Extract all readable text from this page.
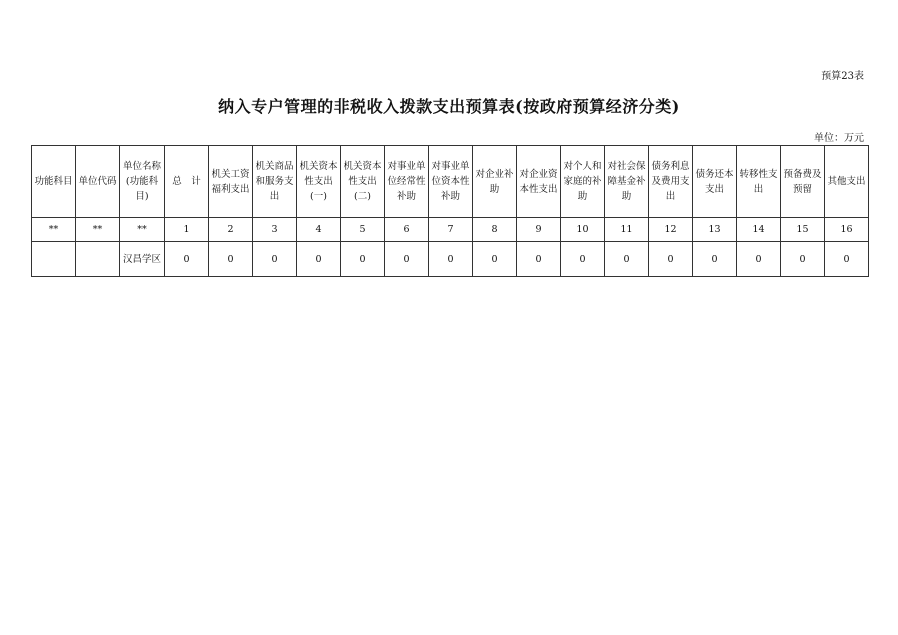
预算23表
纳入专户管理的非税收入拨款支出预算表(按政府预算经济分类)
单位：万元
功能科目	单位代码	单位名称(功能科目)	总　计	机关工资福利支出	机关商品和服务支出	机关资本性支出(一)	机关资本性支出(二)	对事业单位经常性补助	对事业单位资本性补助	对企业补助	对企业资本性支出	对个人和家庭的补助	对社会保障基金补助	债务利息及费用支出	债务还本支出	转移性支出	预备费及预留	其他支出
**	**	**	1	2	3	4	5	6	7	8	9	10	11	12	13	14	15	16
		汉昌学区	0	0	0	0	0	0	0	0	0	0	0	0	0	0	0	0
